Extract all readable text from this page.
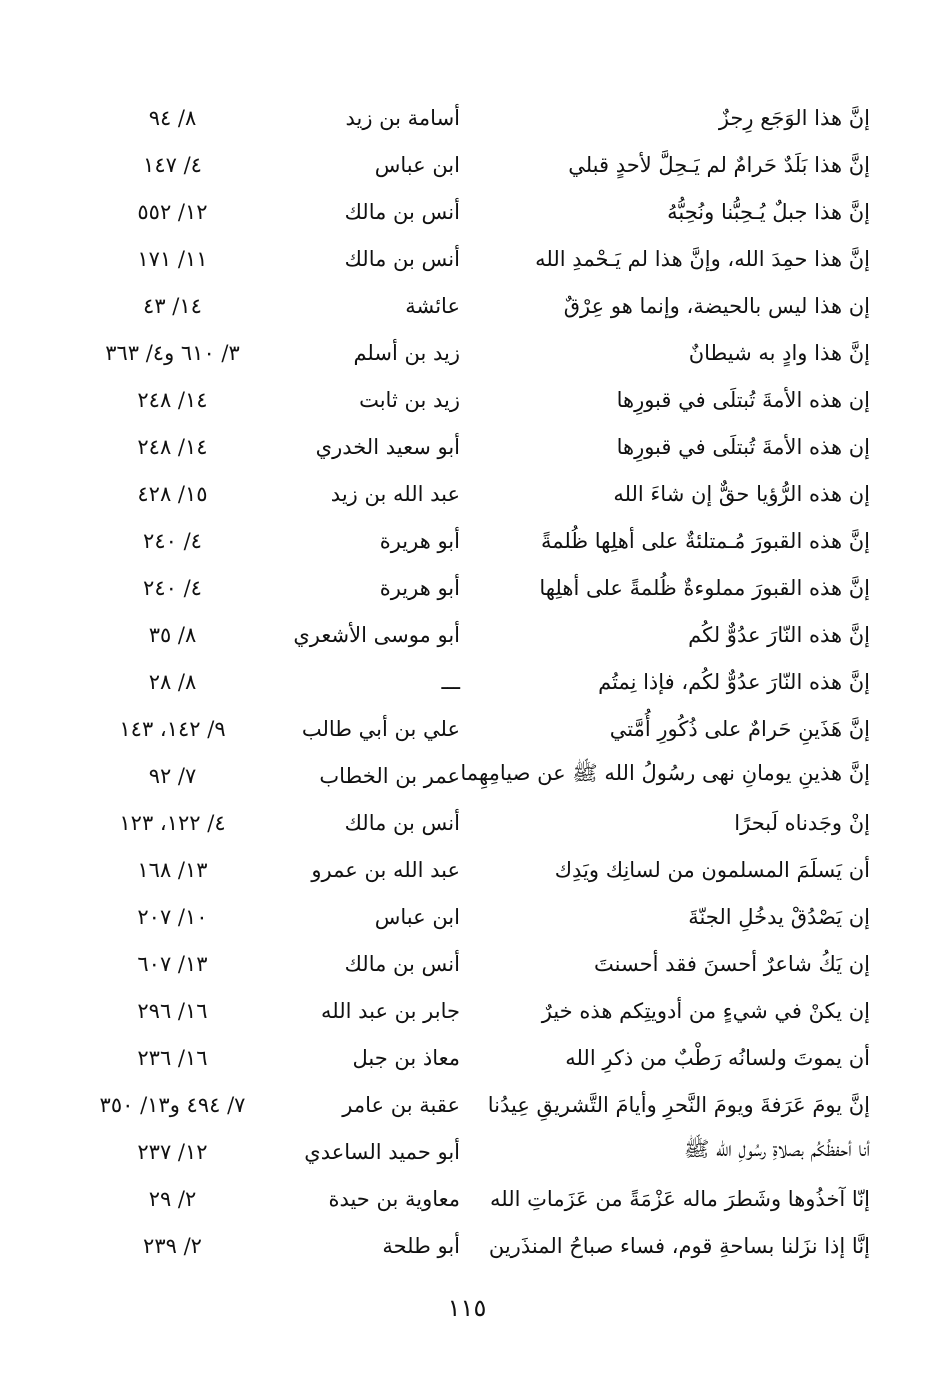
إنَّ هذا الوَجَع رِجزٌ
أسامة بن زيد
٨/ ٩٤
إنَّ هذا بَلَدٌ حَرامٌ لم يَـحِلَّ لأحدٍ قبلي
ابن عباس
٤/ ١٤٧
إنَّ هذا جبلٌ يُـحِبُّنا ونُحِبُّهُ
أنس بن مالك
١٢/ ٥٥٢
إنَّ هذا حمِدَ الله، وإنَّ هذا لم يَـحْمدِ الله
أنس بن مالك
١١/ ١٧١
إن هذا ليس بالحيضة، وإنما هو عِرْقٌ
عائشة
١٤/ ٤٣
إنَّ هذا وادٍ به شيطانٌ
زيد بن أسلم
٣/ ٦١٠ و٤/ ٣٦٣
إن هذه الأمةَ تُبتلَى في قبورِها
زيد بن ثابت
١٤/ ٢٤٨
إن هذه الأمةَ تُبتلَى في قبورِها
أبو سعيد الخدري
١٤/ ٢٤٨
إن هذه الرُّؤيا حقٌّ إن شاءَ الله
عبد الله بن زيد
١٥/ ٤٢٨
إنَّ هذه القبورَ مُـمتلئةٌ على أهلِها ظُلمةً
أبو هريرة
٤/ ٢٤٠
إنَّ هذه القبورَ مملوءةٌ ظُلمةً على أهلِها
أبو هريرة
٤/ ٢٤٠
إنَّ هذه النّارَ عدُوٌّ لكُم
أبو موسى الأشعري
٨/ ٣٥
إنَّ هذه النّارَ عدُوٌّ لكُم، فإذا نِمتُم
ـــ
٨/ ٢٨
إنَّ هَذَينِ حَرامٌ على ذُكُورِ أُمَّتي
علي بن أبي طالب
٩/ ١٤٢، ١٤٣
إنَّ هذينِ يومانِ نهى رسُولُ الله ﷺ عن صيامِهِما
عمر بن الخطاب
٧/ ٩٢
إنْ وجَدناه لَبحرًا
أنس بن مالك
٤/ ١٢٢، ١٢٣
أن يَسلَمَ المسلمون من لسانِك ويَدِك
عبد الله بن عمرو
١٣/ ١٦٨
إن يَصْدُقْ يدخُلِ الجنّةَ
ابن عباس
١٠/ ٢٠٧
إن يَكُ شاعرٌ أحسنَ فقد أحسنتَ
أنس بن مالك
١٣/ ٦٠٧
إن يكنْ في شيءٍ من أدويتِكم هذه خيرٌ
جابر بن عبد الله
١٦/ ٢٩٦
أن يموتَ ولسانُه رَطْبٌ من ذكرِ الله
معاذ بن جبل
١٦/ ٢٣٦
إنَّ يومَ عَرَفةَ ويومَ النَّحرِ وأيامَ التَّشريقِ عِيدُنا
عقبة بن عامر
٧/ ٤٩٤ و١٣/ ٣٥٠
أنا أحفظُكُم بصلاةِ رسُولِ الله ﷺ
أبو حميد الساعدي
١٢/ ٢٣٧
إنّا آخذُوها وشَطرَ ماله عَزْمَةً من عَزَماتِ الله
معاوية بن حيدة
٢/ ٢٩
إنَّا إذا نزَلنا بساحةِ قوم، فساء صباحُ المنذَرين
أبو طلحة
٢/ ٢٣٩
١١٥
